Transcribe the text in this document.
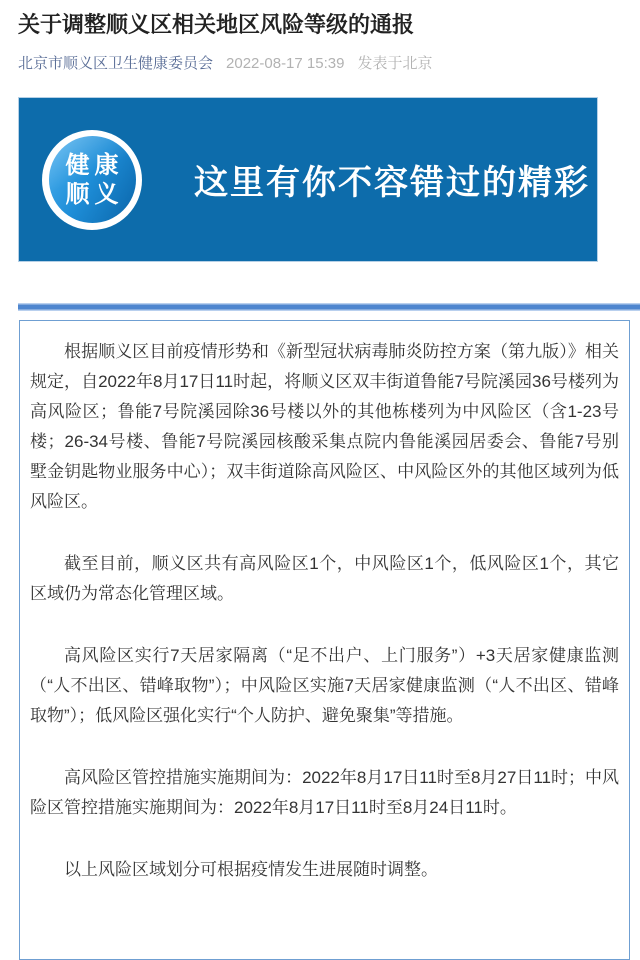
关于调整顺义区相关地区风险等级的通报
北京市顺义区卫生健康委员会 2022-08-17 15:39 发表于北京
健康
顺义 这里有你不容错过的精彩

根据顺义区目前疫情形势和《新型冠状病毒肺炎防控方案（第九版）》相关规定，自2022年8月17日11时起，将顺义区双丰街道鲁能7号院溪园36号楼列为高风险区；鲁能7号院溪园除36号楼以外的其他栋楼列为中风险区（含1-23号楼；26-34号楼、鲁能7号院溪园核酸采集点院内鲁能溪园居委会、鲁能7号别墅金钥匙物业服务中心）；双丰街道除高风险区、中风险区外的其他区域列为低风险区。

截至目前，顺义区共有高风险区1个，中风险区1个，低风险区1个，其它区域仍为常态化管理区域。

高风险区实行7天居家隔离（“足不出户、上门服务”）+3天居家健康监测（“人不出区、错峰取物”）；中风险区实施7天居家健康监测（“人不出区、错峰取物”）；低风险区强化实行“个人防护、避免聚集”等措施。

高风险区管控措施实施期间为：2022年8月17日11时至8月27日11时；中风险区管控措施实施期间为：2022年8月17日11时至8月24日11时。

以上风险区域划分可根据疫情发生进展随时调整。
